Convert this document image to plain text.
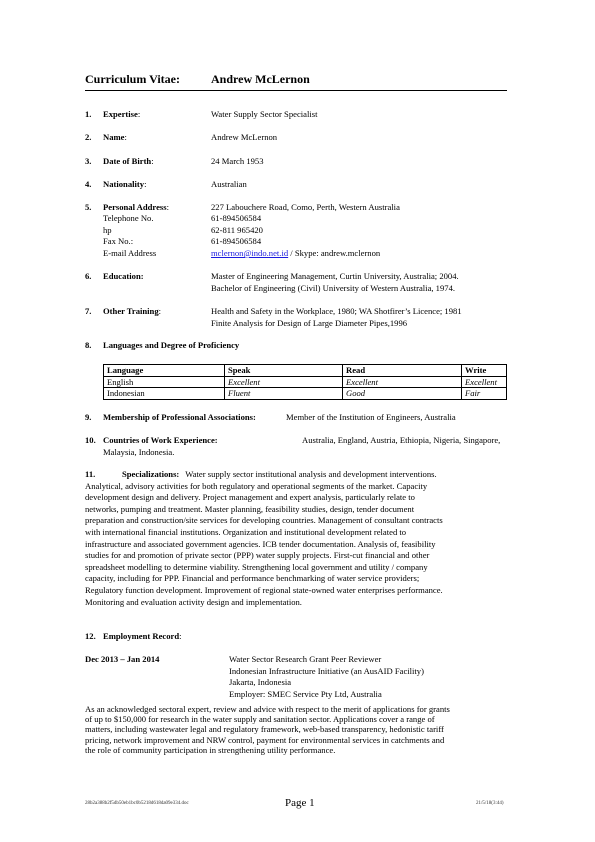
Curriculum Vitae:	Andrew McLernon
1.	Expertise:	Water Supply Sector Specialist
2.	Name:	Andrew McLernon
3.	Date of Birth:	24 March 1953
4.	Nationality:	Australian
5.	Personal Address:	227 Labouchere Road, Como, Perth, Western Australia
Telephone No.	61-894506584
hp	62-811 965420
Fax No.:	61-894506584
E-mail Address	mclernon@indo.net.id / Skype: andrew.mclernon
6.	Education:	Master of Engineering Management, Curtin University, Australia; 2004.
Bachelor of Engineering (Civil) University of Western Australia, 1974.
7.	Other Training:	Health and Safety in the Workplace, 1980; WA Shotfirer’s Licence; 1981
Finite Analysis for Design of Large Diameter Pipes,1996
8.	Languages and Degree of Proficiency
Language	Speak	Read	Write
English	Excellent	Excellent	Excellent
Indonesian	Fluent	Good	Fair
9.	Membership of Professional Associations:	Member of the Institution of Engineers, Australia
10. Countries of Work Experience:	Australia, England, Austria, Ethiopia, Nigeria, Singapore,
Malaysia, Indonesia.
11.	Specializations: Water supply sector institutional analysis and development interventions.
Analytical, advisory activities for both regulatory and operational segments of the market. Capacity
development design and delivery. Project management and expert analysis, particularly relate to
networks, pumping and treatment. Master planning, feasibility studies, design, tender document
preparation and construction/site services for developing countries. Management of consultant contracts
with international financial institutions. Organization and institutional development related to
infrastructure and associated government agencies. ICB tender documentation. Analysis of, feasibility
studies for and promotion of private sector (PPP) water supply projects. First-cut financial and other
spreadsheet modelling to determine viability. Strengthening local government and utility / company
capacity, including for PPP. Financial and performance benchmarking of water service providers;
Regulatory function development. Improvement of regional state-owned water enterprises performance.
Monitoring and evaluation activity design and implementation.
12. Employment Record:
Dec 2013 – Jan 2014	Water Sector Research Grant Peer Reviewer
Indonesian Infrastructure Initiative (an AusAID Facility)
Jakarta, Indonesia
Employer: SMEC Service Pty Ltd, Australia
As an acknowledged sectoral expert, review and advice with respect to the merit of applications for grants
of up to $150,000 for research in the water supply and sanitation sector. Applications cover a range of
matters, including wastewater legal and regulatory framework, web-based transparency, hedonistic tariff
pricing, network improvement and NRW control, payment for environmental services in catchments and
the role of community participation in strengthening utility performance.
28b2a388b2f5db50eb1bc0b5218d618da09e334.doc	Page 1	21/5/18(3:44)
